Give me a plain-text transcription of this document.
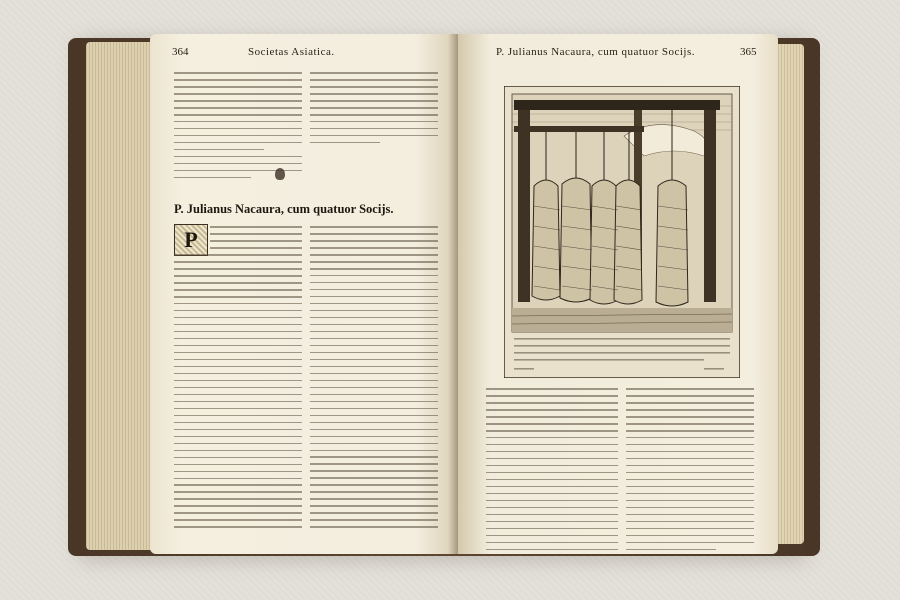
364	Societas Asiatica.
P. Julianus Nacaura, cum quatuor Socijs.
P
P. Julianus Nacaura, cum quatuor Socijs.	365
